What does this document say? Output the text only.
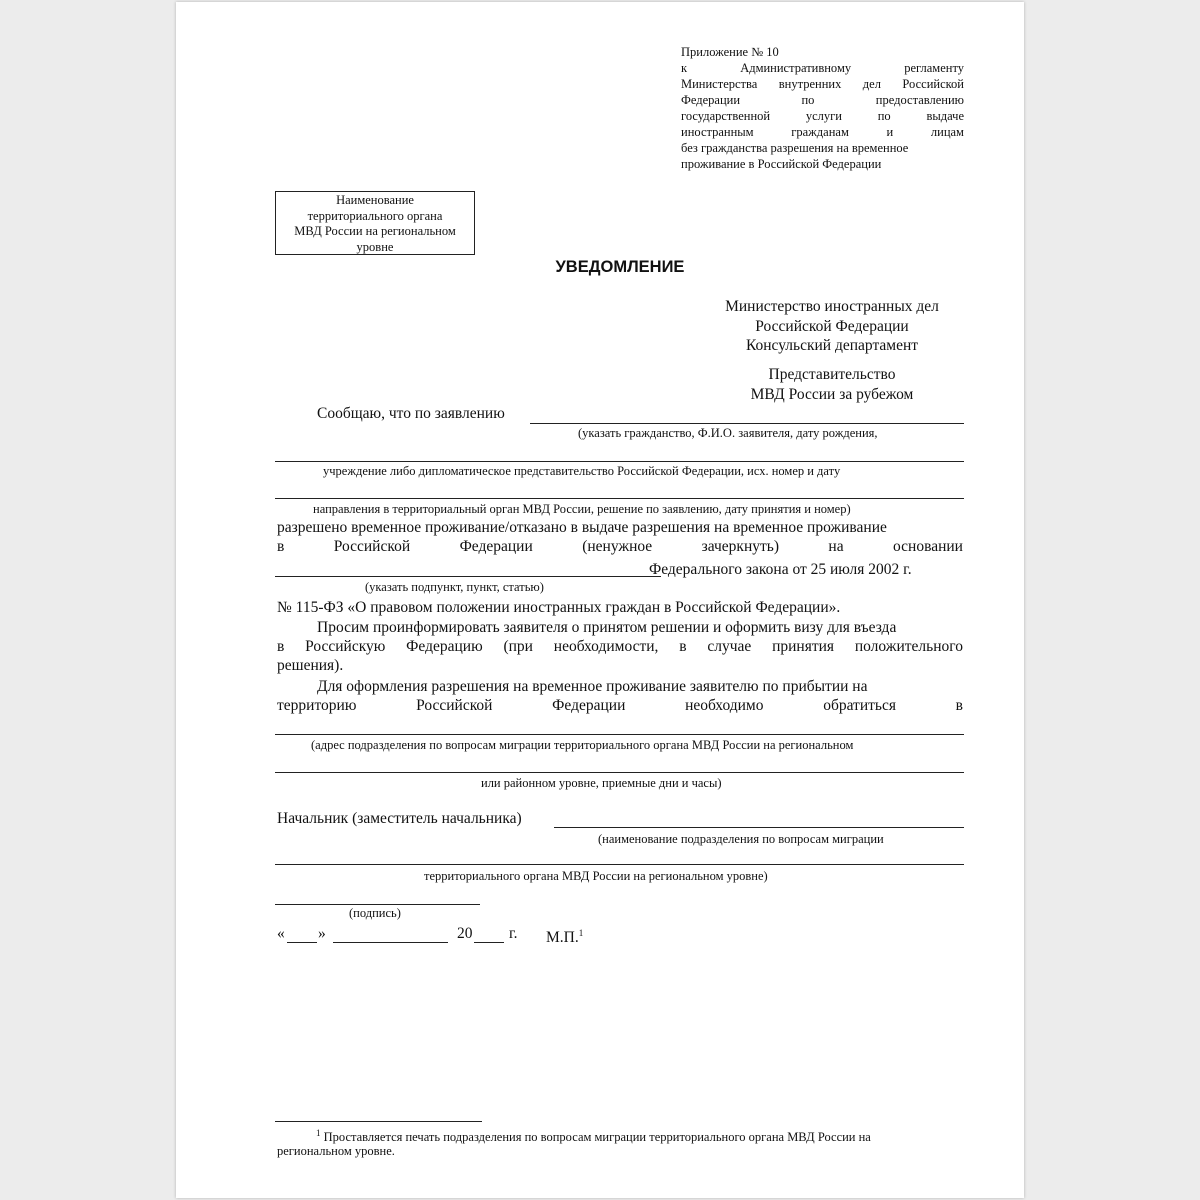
Приложение № 10
к	Административному	регламенту
Министерства внутренних дел Российской
Федерации	по	предоставлению
государственной	услуги	по	выдаче
иностранным	гражданам	и	лицам
без гражданства разрешения на временное
проживание в Российской Федерации
Наименование
территориального органа
МВД России на региональном
уровне
УВЕДОМЛЕНИЕ
Министерство иностранных дел
Российской Федерации
Консульский департамент
Представительство
МВД России за рубежом
Сообщаю, что по заявлению
(указать гражданство, Ф.И.О. заявителя, дату рождения,
учреждение либо дипломатическое представительство Российской Федерации, исх. номер и дату
направления в территориальный орган МВД России, решение по заявлению, дату принятия и номер)
разрешено временное проживание/отказано в выдаче разрешения на временное проживание
в	Российской	Федерации	(ненужное	зачеркнуть)	на	основании
Федерального закона от 25 июля 2002 г.
(указать подпункт, пункт, статью)
№ 115-ФЗ «О правовом положении иностранных граждан в Российской Федерации».
Просим проинформировать заявителя о принятом решении и оформить визу для въезда
в Российскую Федерацию (при необходимости, в случае принятия положительного
решения).
Для оформления разрешения на временное проживание заявителю по прибытии на
территорию	Российской	Федерации	необходимо	обратиться	в
(адрес подразделения по вопросам миграции территориального органа МВД России на региональном
или районном уровне, приемные дни и часы)
Начальник (заместитель начальника)
(наименование подразделения по вопросам миграции
территориального органа МВД России на региональном уровне)
(подпись)
« »	20 г. М.П.$^1$
$^1$ Проставляется печать подразделения по вопросам миграции территориального органа МВД России на
региональном уровне.
